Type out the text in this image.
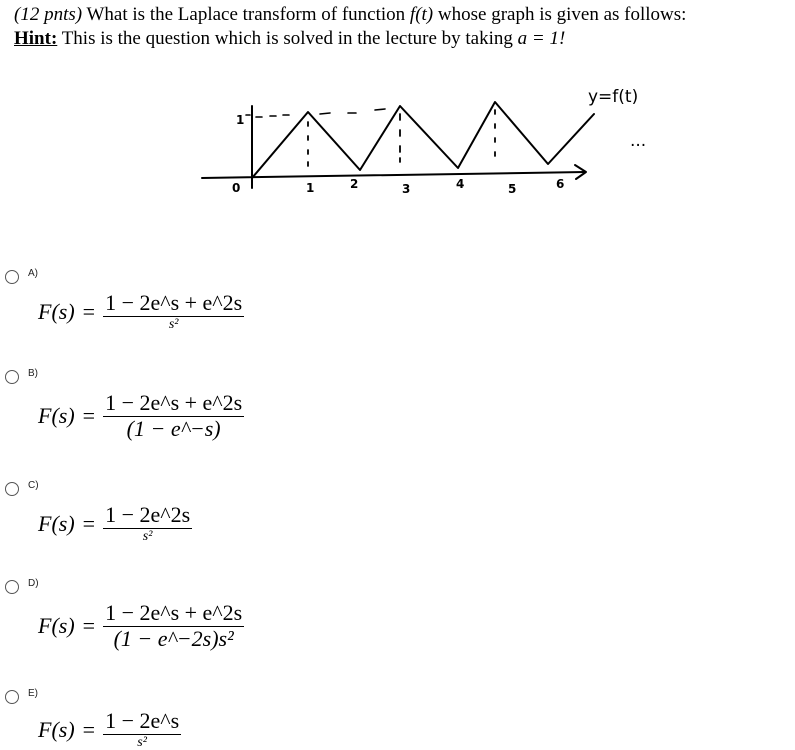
(12 pnts) What is the Laplace transform of function f(t) whose graph is given as follows:
Hint: This is the question which is solved in the lecture by taking a = 1!
1
0	1	2	3	4	5	6
y=f(t)
...
A)
$F(s) = \frac{1 - 2e\^{}s + e\^{}2s}{\text{s²}}$
B)
$F(s) = \frac{1 - 2e\^{}s + e\^{}2s}{(1 - e\^{}-s)}$
C)
$F(s) = \frac{1 - 2e\^{}2s}{\text{s²}}$
D)
$F(s) = \frac{1 - 2e\^{}s + e\^{}2s}{\text{(1 − e\textasciicircum{}−2s)s²}}$
E)
$F(s) = \frac{1 - 2e\^{}s}{\text{s²}}$
